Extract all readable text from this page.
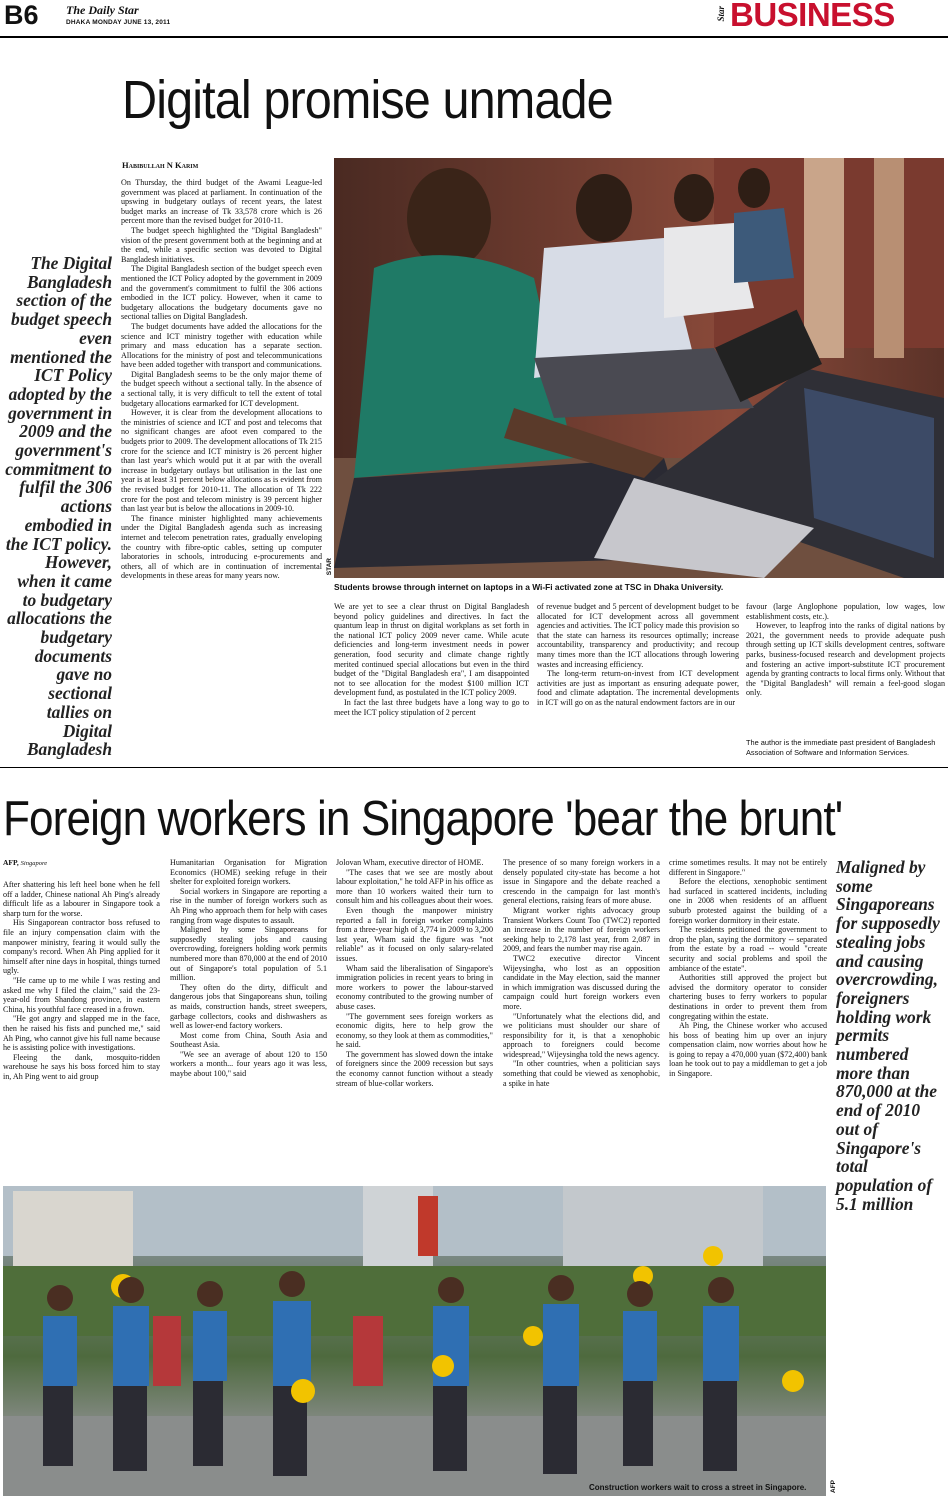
B6 The Daily Star
DHAKA MONDAY JUNE 13, 2011
Star BUSINESS
Digital promise unmade
Habibullah N Karim
The Digital Bangladesh section of the budget speech even mentioned the ICT Policy adopted by the government in 2009 and the government's commitment to fulfil the 306 actions embodied in the ICT policy. However, when it came to budgetary allocations the budgetary documents gave no sectional tallies on Digital Bangladesh

On Thursday, the third budget of the Awami League-led government was placed at parliament. In continuation of the upswing in budgetary outlays of recent years, the latest budget marks an increase of Tk 33,578 crore which is 26 percent more than the revised budget for 2010-11.

The budget speech highlighted the "Digital Bangladesh" vision of the present government both at the beginning and at the end, while a specific section was devoted to Digital Bangladesh initiatives.

The Digital Bangladesh section of the budget speech even mentioned the ICT Policy adopted by the government in 2009 and the government's commitment to fulfil the 306 actions embodied in the ICT policy. However, when it came to budgetary allocations the budgetary documents gave no sectional tallies on Digital Bangladesh.

The budget documents have added the allocations for the science and ICT ministry together with education while primary and mass education has a separate section. Allocations for the ministry of post and telecommunications have been added together with transport and communications.

Digital Bangladesh seems to be the only major theme of the budget speech without a sectional tally. In the absence of a sectional tally, it is very difficult to tell the extent of total budgetary allocations earmarked for ICT development.

However, it is clear from the development allocations to the ministries of science and ICT and post and telecoms that no significant changes are afoot even compared to the budgets prior to 2009. The development allocations of Tk 215 crore for the science and ICT ministry is 26 percent higher than last year's which would put it at par with the overall increase in budgetary outlays but utilisation in the last one year is at least 31 percent below allocations as is evident from the revised budget for 2010-11. The allocation of Tk 222 crore for the post and telecom ministry is 39 percent higher than last year but is below the allocations in 2009-10.

The finance minister highlighted many achievements under the Digital Bangladesh agenda such as increasing internet and telecom penetration rates, gradually enveloping the country with fibre-optic cables, setting up computer laboratories in schools, introducing e-procurements and others, all of which are in continuation of incremental developments in these areas for many years now.

STAR
Students browse through internet on laptops in a Wi-Fi activated zone at TSC in Dhaka University.

We are yet to see a clear thrust on Digital Bangladesh beyond policy guidelines and directives. In fact the quantum leap in thrust on digital workplans as set forth in the national ICT policy 2009 never came. While acute deficiencies and long-term investment needs in power generation, food security and climate change rightly merited continued special allocations but even in the third budget of the "Digital Bangladesh era", I am disappointed not to see allocation for the modest $100 million ICT development fund, as postulated in the ICT policy 2009.

In fact the last three budgets have a long way to go to meet the ICT policy stipulation of 2 percent

of revenue budget and 5 percent of development budget to be allocated for ICT development across all government agencies and activities. The ICT policy made this provision so that the state can harness its resources optimally; increase accountability, transparency and productivity; and recoup many times more than the ICT allocations through lowering wastes and increasing efficiency.

The long-term return-on-invest from ICT development activities are just as important as ensuring adequate power, food and climate adaptation. The incremental developments in ICT will go on as the natural endowment factors are in our

favour (large Anglophone population, low wages, low establishment costs, etc.).

However, to leapfrog into the ranks of digital nations by 2021, the government needs to provide adequate push through setting up ICT skills development centres, software parks, business-focused research and development projects and fostering an active import-substitute ICT procurement agenda by granting contracts to local firms only. Without that the "Digital Bangladesh" will remain a feel-good slogan only.

The author is the immediate past president of Bangladesh Association of Software and Information Services.
Foreign workers in Singapore 'bear the brunt'
AFP, Singapore

After shattering his left heel bone when he fell off a ladder, Chinese national Ah Ping's already difficult life as a labourer in Singapore took a sharp turn for the worse.

His Singaporean contractor boss refused to file an injury compensation claim with the manpower ministry, fearing it would sully the company's record. When Ah Ping applied for it himself after nine days in hospital, things turned ugly.

"He came up to me while I was resting and asked me why I filed the claim," said the 23-year-old from Shandong province, in eastern China, his youthful face creased in a frown.

"He got angry and slapped me in the face, then he raised his fists and punched me," said Ah Ping, who cannot give his full name because he is assisting police with investigations.

Fleeing the dank, mosquito-ridden warehouse he says his boss forced him to stay in, Ah Ping went to aid group

Humanitarian Organisation for Migration Economics (HOME) seeking refuge in their shelter for exploited foreign workers.

Social workers in Singapore are reporting a rise in the number of foreign workers such as Ah Ping who approach them for help with cases ranging from wage disputes to assault.

Maligned by some Singaporeans for supposedly stealing jobs and causing overcrowding, foreigners holding work permits numbered more than 870,000 at the end of 2010 out of Singapore's total population of 5.1 million.

They often do the dirty, difficult and dangerous jobs that Singaporeans shun, toiling as maids, construction hands, street sweepers, garbage collectors, cooks and dishwashers as well as lower-end factory workers.

Most come from China, South Asia and Southeast Asia.

"We see an average of about 120 to 150 workers a month... four years ago it was less, maybe about 100," said

Jolovan Wham, executive director of HOME.

"The cases that we see are mostly about labour exploitation," he told AFP in his office as more than 10 workers waited their turn to consult him and his colleagues about their woes.

Even though the manpower ministry reported a fall in foreign worker complaints from a three-year high of 3,774 in 2009 to 3,200 last year, Wham said the figure was "not reliable" as it focused on only salary-related issues.

Wham said the liberalisation of Singapore's immigration policies in recent years to bring in more workers to power the labour-starved economy contributed to the growing number of abuse cases.

"The government sees foreign workers as economic digits, here to help grow the economy, so they look at them as commodities," he said.

The government has slowed down the intake of foreigners since the 2009 recession but says the economy cannot function without a steady stream of blue-collar workers.

The presence of so many foreign workers in a densely populated city-state has become a hot issue in Singapore and the debate reached a crescendo in the campaign for last month's general elections, raising fears of more abuse.

Migrant worker rights advocacy group Transient Workers Count Too (TWC2) reported an increase in the number of foreign workers seeking help to 2,178 last year, from 2,087 in 2009, and fears the number may rise again.

TWC2 executive director Vincent Wijeysingha, who lost as an opposition candidate in the May election, said the manner in which immigration was discussed during the campaign could hurt foreign workers even more.

"Unfortunately what the elections did, and we politicians must shoulder our share of responsibility for it, is that a xenophobic approach to foreigners could become widespread," Wijeysingha told the news agency.

"In other countries, when a politician says something that could be viewed as xenophobic, a spike in hate

crime sometimes results. It may not be entirely different in Singapore."

Before the elections, xenophobic sentiment had surfaced in scattered incidents, including one in 2008 when residents of an affluent suburb protested against the building of a foreign worker dormitory in their estate.

The residents petitioned the government to drop the plan, saying the dormitory -- separated from the estate by a road -- would "create security and social problems and spoil the ambiance of the estate".

Authorities still approved the project but advised the dormitory operator to consider chartering buses to ferry workers to popular destinations in order to prevent them from congregating within the estate.

Ah Ping, the Chinese worker who accused his boss of beating him up over an injury compensation claim, now worries about how he is going to repay a 470,000 yuan ($72,400) bank loan he took out to pay a middleman to get a job in Singapore.

Maligned by some Singaporeans for supposedly stealing jobs and causing overcrowding, foreigners holding work permits numbered more than 870,000 at the end of 2010 out of Singapore's total population of 5.1 million
Construction workers wait to cross a street in Singapore.	AFP
